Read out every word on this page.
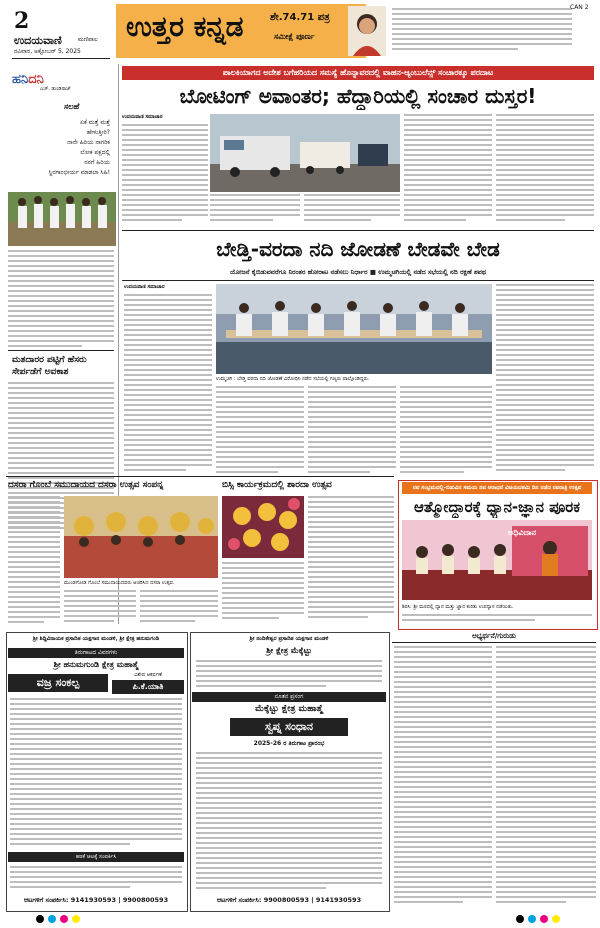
2
ಉದಯವಾಣಿ	ಮಣಿಪಾಲ
ರವಿವಾರ, ಅಕ್ಟೋಬರ್ 5, 2025
ಉತ್ತರ ಕನ್ನಡ	ಶೇ.74.71 ಪತ್ರ
ಸಮೀಕ್ಷೆ ಪೂರ್ಣ
CAN 2
ಹನಿದನಿ
ಎಚ್. ಡುಂಡಿರಾಜ್
ಸಲಹೆ
ಏಕೆ ಮತ್ತೆ ಮತ್ತೆ
ಹೇಳುತ್ತೀರಿ?
ನಾನೇ ಹಿರಿಯ ನಾಗರಿಕ
ಲೋಕ ಪಕ್ಷದಲ್ಲಿ
ನನಗೆ ಹಿರಿಯ
ಸ್ಥಿರಗಾಂಭೀರ್ಯ ಮಾಡಲಾ ಸಿಹಿ!
ಮತದಾರರ ಪಟ್ಟಿಗೆ ಹೆಸರು
ಸೇರ್ಪಡೆಗೆ ಅವಕಾಶ
ಪಾಲಕಿಯಾಗದ ಅದೇಶ ಬಗೆಹರಿಯದ ಸಮಸ್ಯೆ ಹೊನ್ನಾವರದಲ್ಲಿ ವಾಹನ-ಆ್ಯಂಬುಲೆನ್ಸ್ ಸಂಚಾರಕ್ಕೂ ಪರದಾಟ
ಬೋಟಿಂಗ್ ಅವಾಂತರ; ಹೆದ್ದಾರಿಯಲ್ಲಿ ಸಂಚಾರ ದುಸ್ತರ!
ಉದಯವಾಣಿ ಸಮಾಚಾರ
ಬೇಡ್ತಿ-ವರದಾ ನದಿ ಜೋಡಣೆ ಬೇಡವೇ ಬೇಡ
ಯೋಜನೆ ಕೈಬಿಡುವವರೆಗೂ ನಿರಂತರ ಹೋರಾಟ ನಡೆಸಲು ನಿರ್ಧಾರ ■ ಉಮ್ಮಚಗಿಯಲ್ಲಿ ನಡೆದ ಸಭೆಯಲ್ಲಿ ನದಿ ರಕ್ಷಣೆ ಶಪಥ
ಉದಯವಾಣಿ ಸಮಾಚಾರ
ಉಮ್ಮಚಗಿ : ಬೇಡ್ತಿ ವರದಾ ನದಿ ಜೋಡಣೆ ವಿರೋಧಿಸಿ ನಡೆದ ಸಭೆಯಲ್ಲಿ ಗಣ್ಯರು ಪಾಲ್ಗೊಂಡಿದ್ದರು.
ದಸರಾ ಗೊಂಬೆ ಸಮುದಾಯದ ದಸರಾ ಉತ್ಸವ ಸಂಪನ್ನ
ಮುಂಡಗೋಡ ಗೊಂಬೆ ಸಮುದಾಯದವರು ಆಚರಿಸಿದ ದಸರಾ ಉತ್ಸವ.
ಬಿಸ್ಸಿ ಕಾರ್ಯಕ್ರಮದಲ್ಲಿ ಶಾರದಾ ಉತ್ಸವ	ನವ ಸಂಭ್ರಮದಲ್ಲಿ-ಬಿಡುವಿನ ಸಮಯ ನವ ಆರಾಧನೆ ವಿಜಯದಶಮಿ ದಿನ ನಡೆದ ನವರಾತ್ರಿ ಉತ್ಸವ
ಆತ್ಮೋದ್ಧಾರಕ್ಕೆ ಧ್ಯಾನ-ಜ್ಞಾನ ಪೂರಕ
ಅಧಿವಿದಾನ
ಶಿರಸಿ: ಶ್ರೀ ಮಠದಲ್ಲಿ ಧ್ಯಾನ ಮತ್ತು ಜ್ಞಾನ ಕುರಿತು ಉಪನ್ಯಾಸ ನಡೆಯಿತು.
ಶ್ರೀ ಶಿದ್ದಿವಿನಾಯಕ ಪ್ರಸಾದಿತ ಯಕ್ಷಗಾನ ಮಂಡಳಿ, ಶ್ರೀ ಕ್ಷೇತ್ರ ಹನುಮಗಂಡಿ
ತಿರುಗಾಟದ ವಿವರಗಳು
ಶ್ರೀ ಹನುಮಗುಂಡಿ ಕ್ಷೇತ್ರ ಮಹಾತ್ಮೆ
ವಜ್ರ ಸಂಕಲ್ಪ
ವಿಶೇಷ ಆಕರ್ಷಣೆ
ಪಿ.ಕೆ.ಯಾತಿ
ಹರಕೆ ಆಟಕ್ಕೆ ಸಂಪರ್ಕಿಸಿ
ಆಟಗಳಿಗೆ ಸಂಪರ್ಕಿಸಿ: 9141930593 | 9900800593
ಶ್ರೀ ನಂದಿಕೇಶ್ವರ ಪ್ರಸಾದಿತ ಯಕ್ಷಗಾನ ಮಂಡಳಿ
ಶ್ರೀ ಕ್ಷೇತ್ರ ಮೆಕ್ಕೆಟ್ಟು
ನೂತನ ಪ್ರಸಂಗ
ಮೆಕ್ಕೆಟ್ಟು ಕ್ಷೇತ್ರ ಮಹಾತ್ಮೆ
ಸ್ವಪ್ನ ಸಂಧಾನ
2025-26 ರ ತಿರುಗಾಟ ಪ್ರಾರಂಭ
ಆಟಗಳಿಗೆ ಸಂಪರ್ಕಿಸಿ: 9900800593 | 9141930593
ಅಭ್ಯರ್ಥನೆ/ಗುರುಡು
